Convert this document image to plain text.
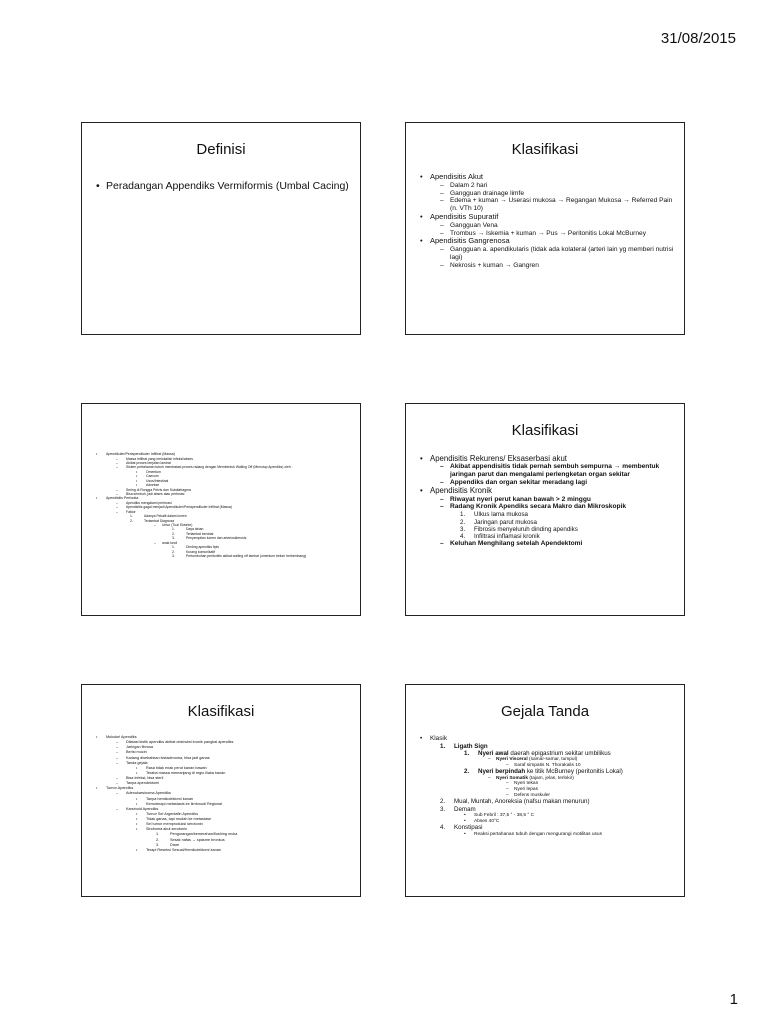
31/08/2015
Definisi
• Peradangan Appendiks Vermiformis (Umbal Cacing)
Klasifikasi
• Apendisitis Akut
– Dalam 2 hari
– Gangguan drainage limfe
– Edema + kuman → Userasi mukosa → Regangan Mukosa → Referred Pain (n. VTh 10)
• Apendisitis Supuratif
– Gangguan Vena
– Trombus → Iskemia + kuman → Pus → Peritonitis Lokal McBurney
• Apendisitis Gangrenosa
– Gangguan a. apendikularis (tidak ada kolateral (arteri lain yg memberi nutrisi lagi)
– Nekrosis + kuman → Gangren
• Apendikuler/Periapendikuler Infiltrat (Massa)
– Massa Infiltrat yang melokalisir infeksi/abses
– Akibat proses berjalan lambat
– Sistem pertahanan tubuh membatasi proses radang dengan Membentuk Walling Off (Menutup Apendiks) oleh :
• Omentum
• Caecum
• Usus/Intestinal
• Adnekse
– Sering di Rongga Pelvis dan Subdiafragma
– Bisa sembuh, jadi abses atau perforasi
• Apendisitis Perforata
– Apendiks mengalami perforasi
– Apendisitis gagal menjadi Apendikuler/Periapendikuler Infiltrat (Massa)
– Faktor
1.	Adanya Fekalit dalam lumen
2.	Terlambat Diagnosa
– Umur (Tua/ Ekstrim)
1.	Daya tahan
2.	Terlambat berobat
3.	Penyempitan lumen dan arteriosklerosis
– anak kecil
1.	Dinding apendiks tipis
2.	Kurang komunikatif
3.	Pertumbuhan peritonitis akibat walling off lambat (omentum belum berkembang)
Klasifikasi
• Apendisitis Rekurens/ Eksaserbasi akut
– Akibat appendisitis tidak pernah sembuh sempurna → membentuk jaringan parut dan mengalami perlengketan organ sekitar
– Appendiks dan organ sekitar meradang lagi
• Apendisitis Kronik
– Riwayat nyeri perut kanan bawah > 2 minggu
– Radang Kronik Apendiks secara Makro dan Mikroskopik
1. Ulkus lama mukosa
2. Jaringan parut mukosa
3. Fibrosis menyeluruh dinding apendiks
4. Infiltrasi inflamasi kronik
– Keluhan Menghilang setelah Apendektomi
Klasifikasi
• Mukokel Apendiks
– Dilatasi kistik apendiks akibat obstruksi kronik pangkal apendiks
– Jaringan fibrosa
– Berisi mucin
– Kadang disebabkan kistadenoma, bisa jadi ganas
– Tanda gejala
• Rasa tidak enak perut kanan bawah
• Teraba massa memanjang di regio iliaka kanan
– Bisa infeksi, bisa steril
– Tanpa apendektomi
• Tumor Apendiks
– Adenokarsinoma Apendiks
• Tanpa hemikolektomi kanan
• Kemoterapi metastasis ke limfonodi Regional
– Karsinoid Apendiks
• Tumor Sel Argentafin Apendiks
• Tidak ganas, tapi mudah ke metastase
• Sel tumor memproduksi serotonin
• Sindroma akut serotonin
1.	Pengurangan/kemerahan/flushing muka
2.	Sesak nafas → spasme bronkus
3.	Diare
• Terapi Reseksi Sesuai/Hemikolektomi kanan
Gejala Tanda
• Klasik
1. Ligath Sign
1. Nyeri awal daerah epigastrium sekitar umbilikus
– Nyeri Visceral (samar-samar, tumpul)
– Saraf simpatis N. Thorakalis 10
2. Nyeri berpindah ke titik McBurney (peritonitis Lokal)
– Nyeri Somatik (tajam, jelas, terlokir)
– Nyeri tekan
– Nyeri lepas
– Defens muskuler
2. Mual, Muntah, Anoreksia (nafsu makan menurun)
3. Demam
• Sub Febril : 37,5 ° - 38,5 ° C
• Abses 40°C
4. Konstipasi
• Reaksi pertahanan tubuh dengan mengurangi motilitas usus
1
